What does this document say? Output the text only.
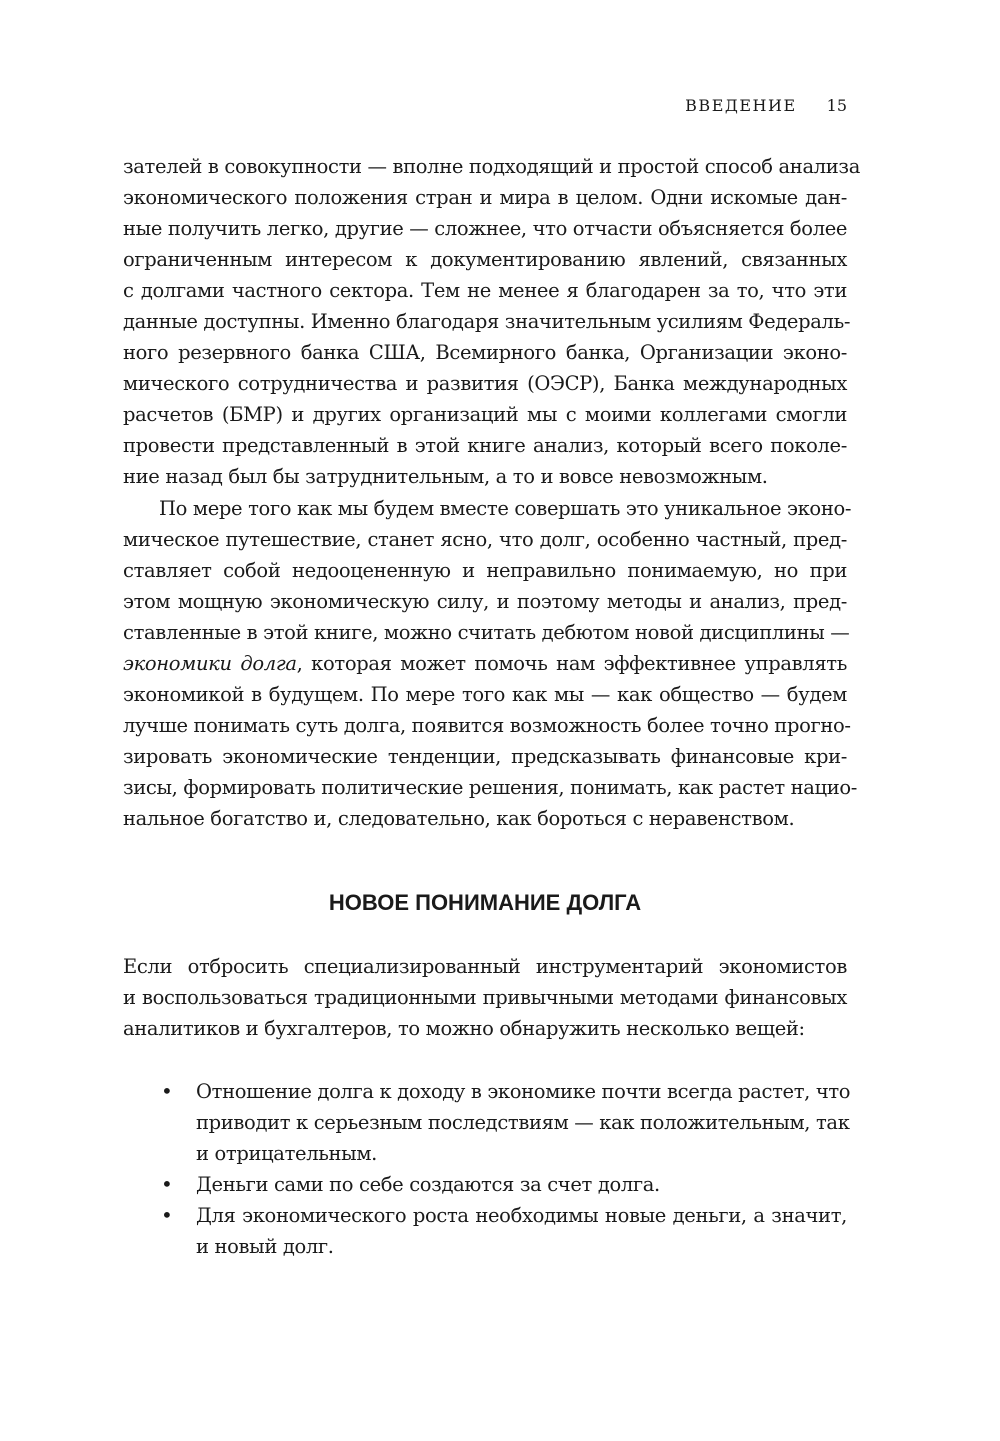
ВВЕДЕНИЕ 15
зателей в совокупности — вполне подходящий и простой способ анализа
экономического положения стран и мира в целом. Одни искомые дан-
ные получить легко, другие — сложнее, что отчасти объясняется более
ограниченным интересом к документированию явлений, связанных
с долгами частного сектора. Тем не менее я благодарен за то, что эти
данные доступны. Именно благодаря значительным усилиям Федераль-
ного резервного банка США, Всемирного банка, Организации эконо-
мического сотрудничества и развития (ОЭСР), Банка международных
расчетов (БМР) и других организаций мы с моими коллегами смогли
провести представленный в этой книге анализ, который всего поколе-
ние назад был бы затруднительным, а то и вовсе невозможным.
По мере того как мы будем вместе совершать это уникальное эконо-
мическое путешествие, станет ясно, что долг, особенно частный, пред-
ставляет собой недооцененную и неправильно понимаемую, но при
этом мощную экономическую силу, и поэтому методы и анализ, пред-
ставленные в этой книге, можно считать дебютом новой дисциплины —
экономики долга, которая может помочь нам эффективнее управлять
экономикой в будущем. По мере того как мы — как общество — будем
лучше понимать суть долга, появится возможность более точно прогно-
зировать экономические тенденции, предсказывать финансовые кри-
зисы, формировать политические решения, понимать, как растет нацио-
нальное богатство и, следовательно, как бороться с неравенством.
НОВОЕ ПОНИМАНИЕ ДОЛГА
Если отбросить специализированный инструментарий экономистов
и воспользоваться традиционными привычными методами финансовых
аналитиков и бухгалтеров, то можно обнаружить несколько вещей:
• Отношение долга к доходу в экономике почти всегда растет, что
приводит к серьезным последствиям — как положительным, так
и отрицательным.
• Деньги сами по себе создаются за счет долга.
• Для экономического роста необходимы новые деньги, а значит,
и новый долг.
